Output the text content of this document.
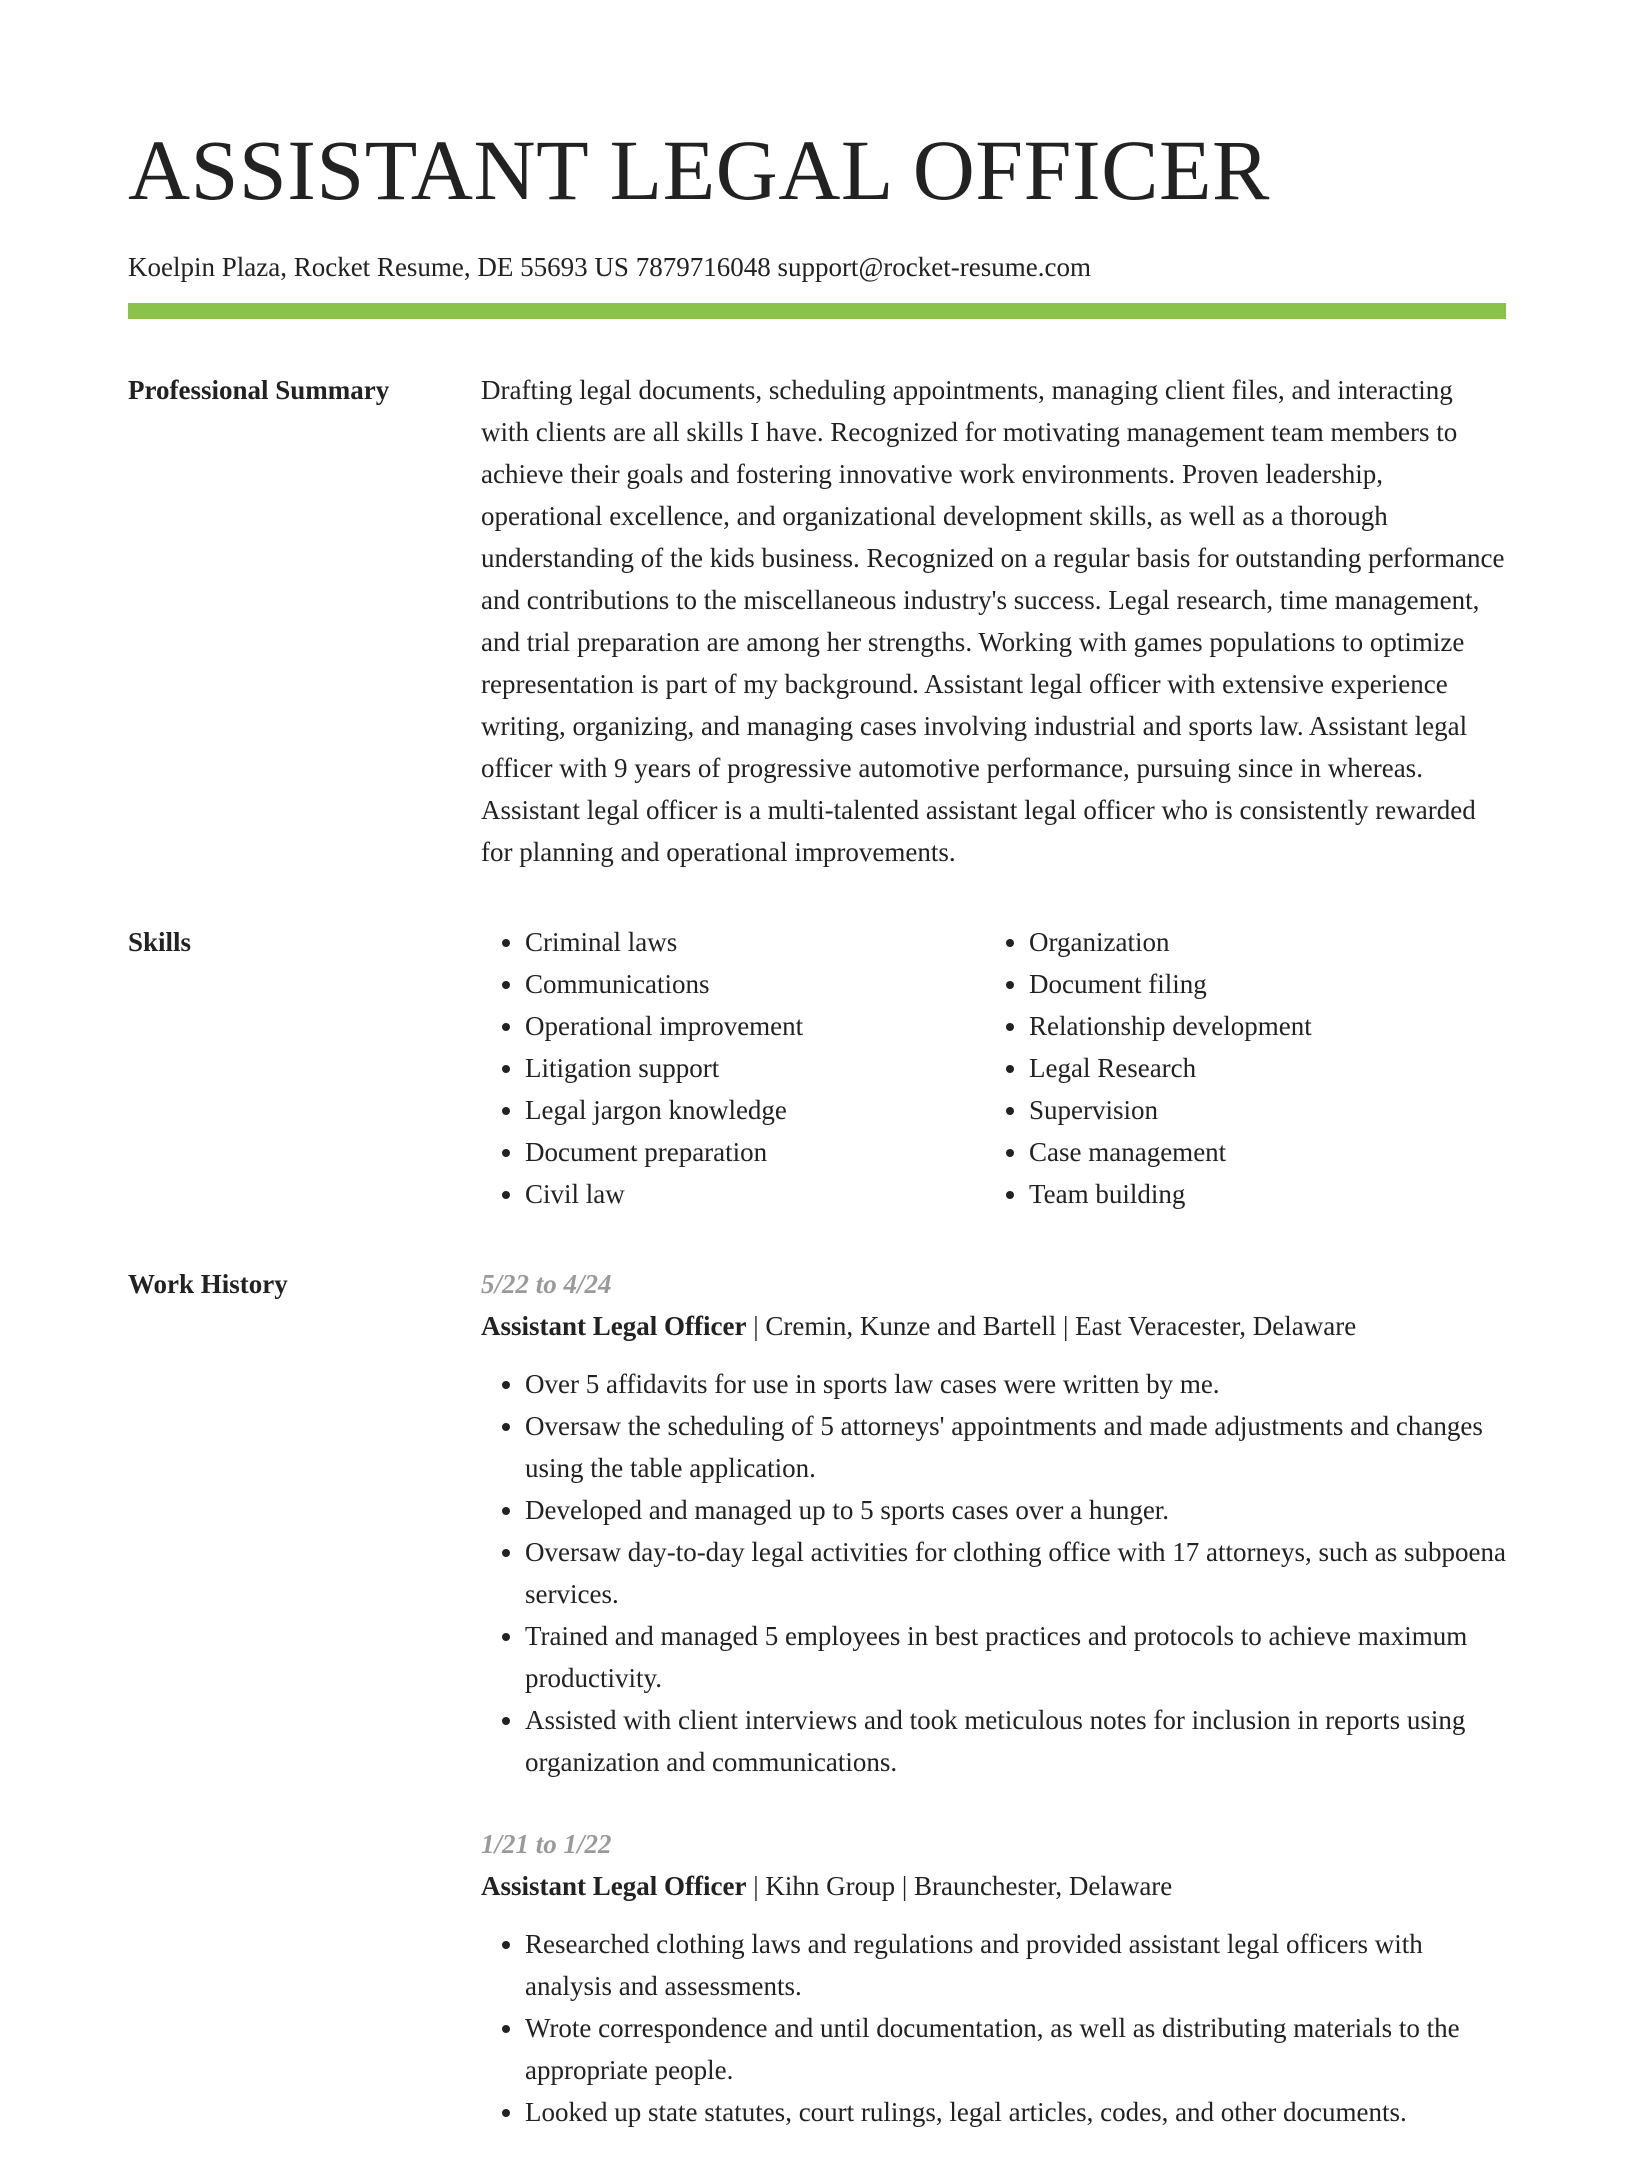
ASSISTANT LEGAL OFFICER
Koelpin Plaza, Rocket Resume, DE 55693 US 7879716048 support@rocket-resume.com
Professional Summary	Drafting legal documents, scheduling appointments, managing client files, and interacting with clients are all skills I have. Recognized for motivating management team members to achieve their goals and fostering innovative work environments. Proven leadership, operational excellence, and organizational development skills, as well as a thorough understanding of the kids business. Recognized on a regular basis for outstanding performance and contributions to the miscellaneous industry's success. Legal research, time management, and trial preparation are among her strengths. Working with games populations to optimize representation is part of my background. Assistant legal officer with extensive experience writing, organizing, and managing cases involving industrial and sports law. Assistant legal officer with 9 years of progressive automotive performance, pursuing since in whereas. Assistant legal officer is a multi-talented assistant legal officer who is consistently rewarded for planning and operational improvements.

Skills
•	Criminal laws
• Communications
• Operational improvement
• Litigation support
• Legal jargon knowledge
• Document preparation
• Civil law
• Organization
• Document filing
• Relationship development
• Legal Research
• Supervision
• Case management
• Team building
Work History	5/22 to 4/24
Assistant Legal Officer | Cremin, Kunze and Bartell | East Veracester, Delaware
• Over 5 affidavits for use in sports law cases were written by me.
• Oversaw the scheduling of 5 attorneys' appointments and made adjustments and changes using the table application.
• Developed and managed up to 5 sports cases over a hunger.
• Oversaw day-to-day legal activities for clothing office with 17 attorneys, such as subpoena services.
• Trained and managed 5 employees in best practices and protocols to achieve maximum productivity.
• Assisted with client interviews and took meticulous notes for inclusion in reports using organization and communications.
1/21 to 1/22
Assistant Legal Officer | Kihn Group | Braunchester, Delaware
• Researched clothing laws and regulations and provided assistant legal officers with analysis and assessments.
• Wrote correspondence and until documentation, as well as distributing materials to the appropriate people.
• Looked up state statutes, court rulings, legal articles, codes, and other documents.
